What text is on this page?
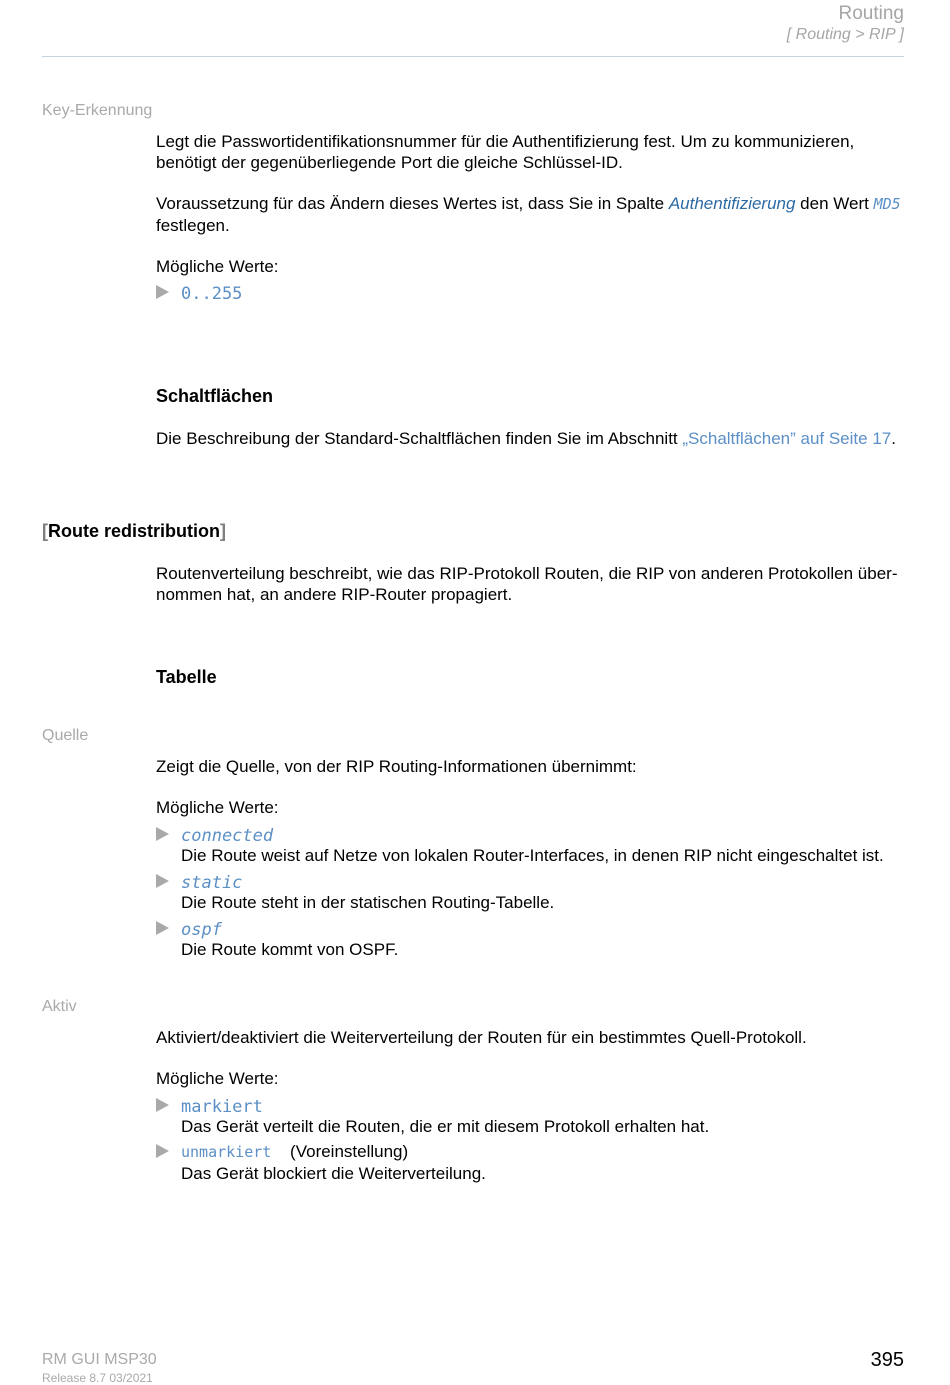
Routing
[ Routing > RIP ]
Key-Erkennung
Legt die Passwortidentifikationsnummer für die Authentifizierung fest. Um zu kommunizieren, benötigt der gegenüberliegende Port die gleiche Schlüssel-ID.
Voraussetzung für das Ändern dieses Wertes ist, dass Sie in Spalte Authentifizierung den Wert MD5
festlegen.
Mögliche Werte:
0..255
Schaltflächen
Die Beschreibung der Standard-Schaltflächen finden Sie im Abschnitt „Schaltflächen” auf Seite 17.
[Route redistribution]
Routenverteilung beschreibt, wie das RIP-Protokoll Routen, die RIP von anderen Protokollen über-
nommen hat, an andere RIP-Router propagiert.
Tabelle
Quelle
Zeigt die Quelle, von der RIP Routing-Informationen übernimmt:
Mögliche Werte:
connected
Die Route weist auf Netze von lokalen Router-Interfaces, in denen RIP nicht eingeschaltet ist.
static
Die Route steht in der statischen Routing-Tabelle.
ospf
Die Route kommt von OSPF.
Aktiv
Aktiviert/deaktiviert die Weiterverteilung der Routen für ein bestimmtes Quell-Protokoll.
Mögliche Werte:
markiert
Das Gerät verteilt die Routen, die er mit diesem Protokoll erhalten hat.
unmarkiert (Voreinstellung)
Das Gerät blockiert die Weiterverteilung.
RM GUI MSP30
Release 8.7 03/2021
395
